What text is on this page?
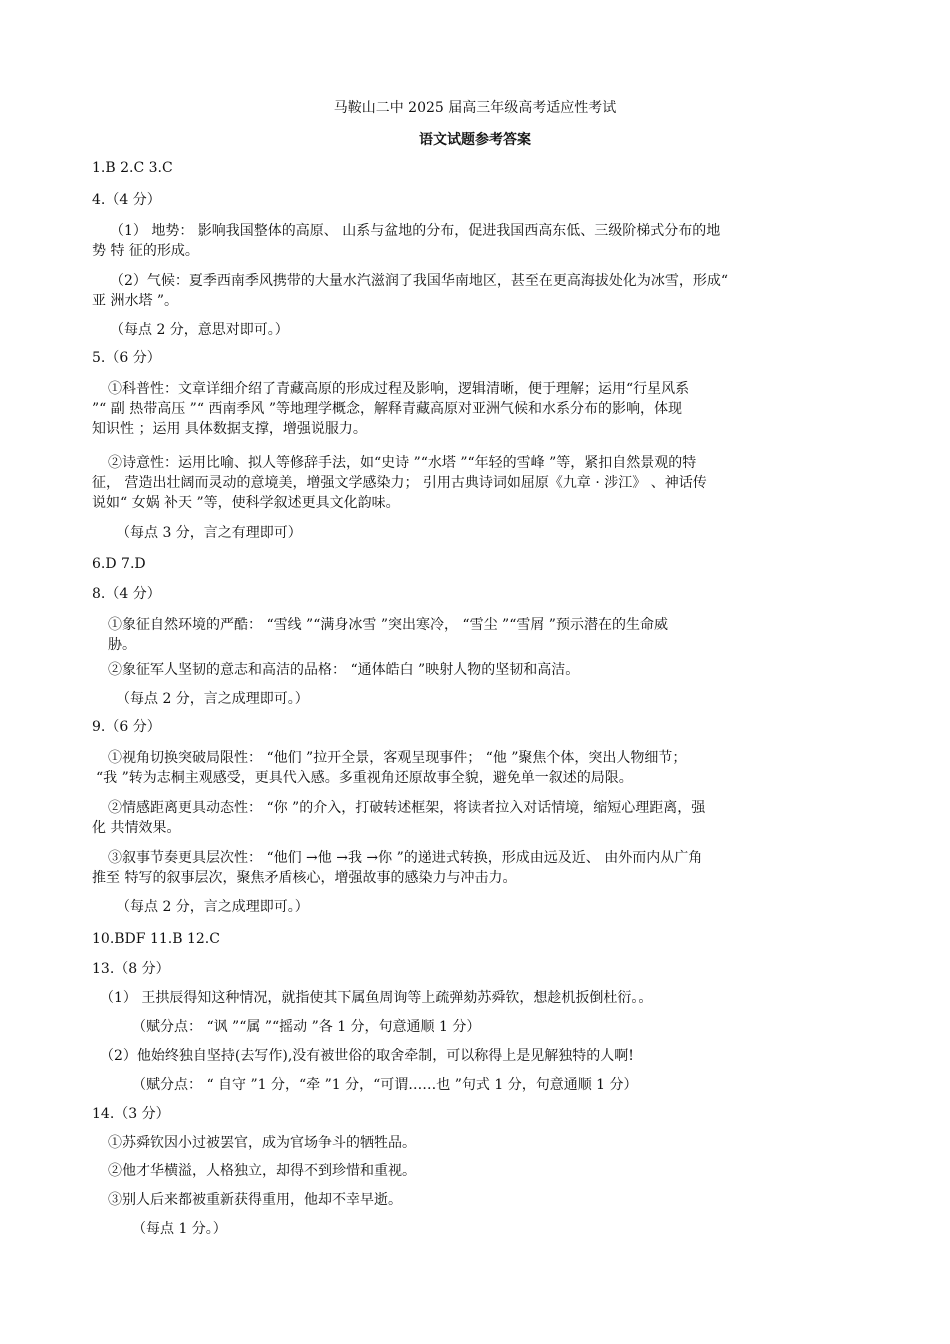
马鞍山二中 2025 届高三年级高考适应性考试
语文试题参考答案
1.B 2.C 3.C
4.（4 分）
（1） 地势： 影响我国整体的高原、 山系与盆地的分布，促进我国西高东低、三级阶梯式分布的地
势 特 征的形成。
（2）气候：夏季西南季风携带的大量水汽滋润了我国华南地区，甚至在更高海拔处化为冰雪，形成“
亚 洲水塔 ”。
（每点 2 分，意思对即可。）
5.（6 分）
①科普性：文章详细介绍了青藏高原的形成过程及影响，逻辑清晰，便于理解；运用“行星风系
”“ 副 热带高压 ”“ 西南季风 ”等地理学概念，解释青藏高原对亚洲气候和水系分布的影响，体现
知识性 ；运用 具体数据支撑，增强说服力。
②诗意性：运用比喻、拟人等修辞手法，如“史诗 ”“水塔 ”“年轻的雪峰 ”等，紧扣自然景观的特
征， 营造出壮阔而灵动的意境美，增强文学感染力； 引用古典诗词如屈原《九章 · 涉江》 、神话传
说如“ 女娲 补天 ”等，使科学叙述更具文化韵味。
（每点 3 分，言之有理即可）
6.D 7.D
8.（4 分）
①象征自然环境的严酷： “雪线 ”“满身冰雪 ”突出寒冷， “雪尘 ”“雪屑 ”预示潜在的生命威
胁。
②象征军人坚韧的意志和高洁的品格： “通体皓白 ”映射人物的坚韧和高洁。
（每点 2 分，言之成理即可。）
9.（6 分）
①视角切换突破局限性： “他们 ”拉开全景，客观呈现事件； “他 ”聚焦个体，突出人物细节；
“我 ”转为志桐主观感受，更具代入感。多重视角还原故事全貌，避免单一叙述的局限。
②情感距离更具动态性： “你 ”的介入，打破转述框架，将读者拉入对话情境，缩短心理距离，强
化 共情效果。
③叙事节奏更具层次性： “他们 →他 →我 →你 ”的递进式转换，形成由远及近、 由外而内从广角
推至 特写的叙事层次，聚焦矛盾核心，增强故事的感染力与冲击力。
（每点 2 分，言之成理即可。）
10.BDF 11.B 12.C
13.（8 分）
（1） 王拱辰得知这种情况，就指使其下属鱼周询等上疏弹劾苏舜钦，想趁机扳倒杜衍。。
（赋分点： “讽 ”“属 ”“摇动 ”各 1 分，句意通顺 1 分）
（2）他始终独自坚持(去写作),没有被世俗的取舍牵制，可以称得上是见解独特的人啊!
（赋分点： “ 自守 ”1 分，“牵 ”1 分，“可谓……也 ”句式 1 分，句意通顺 1 分）
14.（3 分）
①苏舜钦因小过被罢官，成为官场争斗的牺牲品。
②他才华横溢，人格独立，却得不到珍惜和重视。
③别人后来都被重新获得重用，他却不幸早逝。
（每点 1 分。）
